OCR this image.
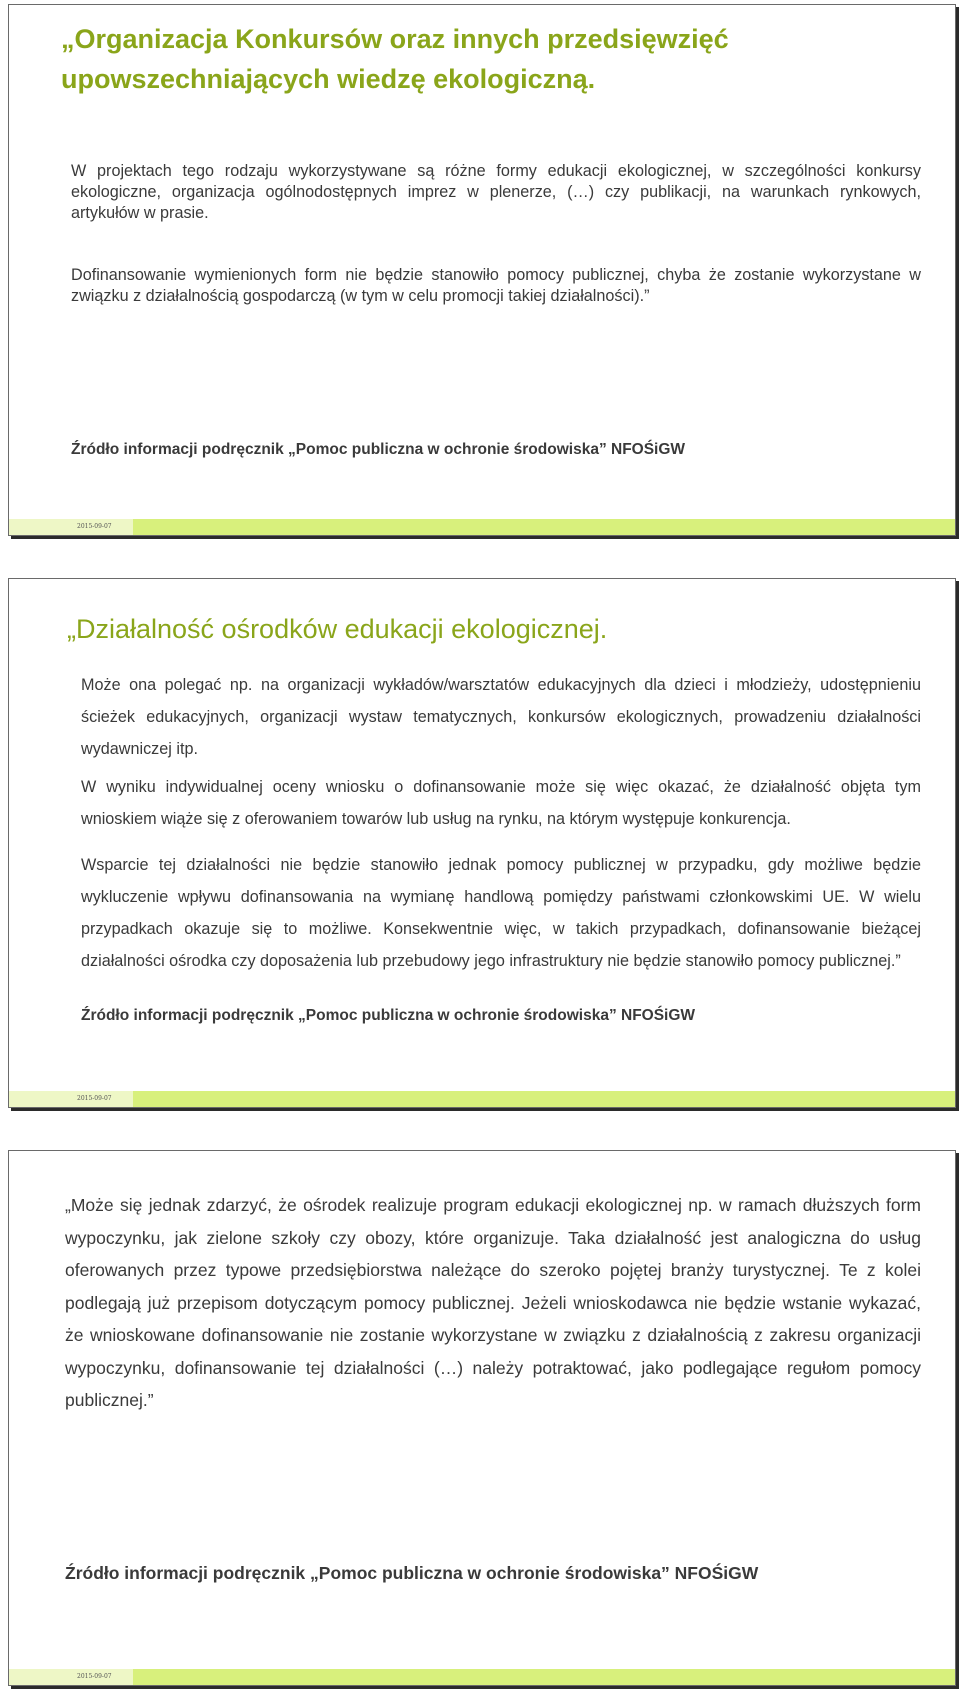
„Organizacja Konkursów oraz innych przedsięwzięć upowszechniających wiedzę ekologiczną.

W projektach tego rodzaju wykorzystywane są różne formy edukacji ekologicznej, w szczególności konkursy ekologiczne, organizacja ogólnodostępnych imprez w plenerze, (…) czy publikacji, na warunkach rynkowych, artykułów w prasie.

Dofinansowanie wymienionych form nie będzie stanowiło pomocy publicznej, chyba że zostanie wykorzystane w związku z działalnością gospodarczą (w tym w celu promocji takiej działalności).”

Źródło informacji podręcznik „Pomoc publiczna w ochronie środowiska” NFOŚiGW

2015-09-07
„Działalność ośrodków edukacji ekologicznej.

Może ona polegać np. na organizacji wykładów/warsztatów edukacyjnych dla dzieci i młodzieży, udostępnieniu ścieżek edukacyjnych, organizacji wystaw tematycznych, konkursów ekologicznych, prowadzeniu działalności wydawniczej itp.

W wyniku indywidualnej oceny wniosku o dofinansowanie może się więc okazać, że działalność objęta tym wnioskiem wiąże się z oferowaniem towarów lub usług na rynku, na którym występuje konkurencja.

Wsparcie tej działalności nie będzie stanowiło jednak pomocy publicznej w przypadku, gdy możliwe będzie wykluczenie wpływu dofinansowania na wymianę handlową pomiędzy państwami członkowskimi UE. W wielu przypadkach okazuje się to możliwe. Konsekwentnie więc, w takich przypadkach, dofinansowanie bieżącej działalności ośrodka czy doposażenia lub przebudowy jego infrastruktury nie będzie stanowiło pomocy publicznej.”

Źródło informacji podręcznik „Pomoc publiczna w ochronie środowiska” NFOŚiGW

2015-09-07

„Może się jednak zdarzyć, że ośrodek realizuje program edukacji ekologicznej np. w ramach dłuższych form wypoczynku, jak zielone szkoły czy obozy, które organizuje. Taka działalność jest analogiczna do usług oferowanych przez typowe przedsiębiorstwa należące do szeroko pojętej branży turystycznej. Te z kolei podlegają już przepisom dotyczącym pomocy publicznej. Jeżeli wnioskodawca nie będzie wstanie wykazać, że wnioskowane dofinansowanie nie zostanie wykorzystane w związku z działalnością z zakresu organizacji wypoczynku, dofinansowanie tej działalności (…) należy potraktować, jako podlegające regułom pomocy publicznej.”

Źródło informacji podręcznik „Pomoc publiczna w ochronie środowiska” NFOŚiGW

2015-09-07
